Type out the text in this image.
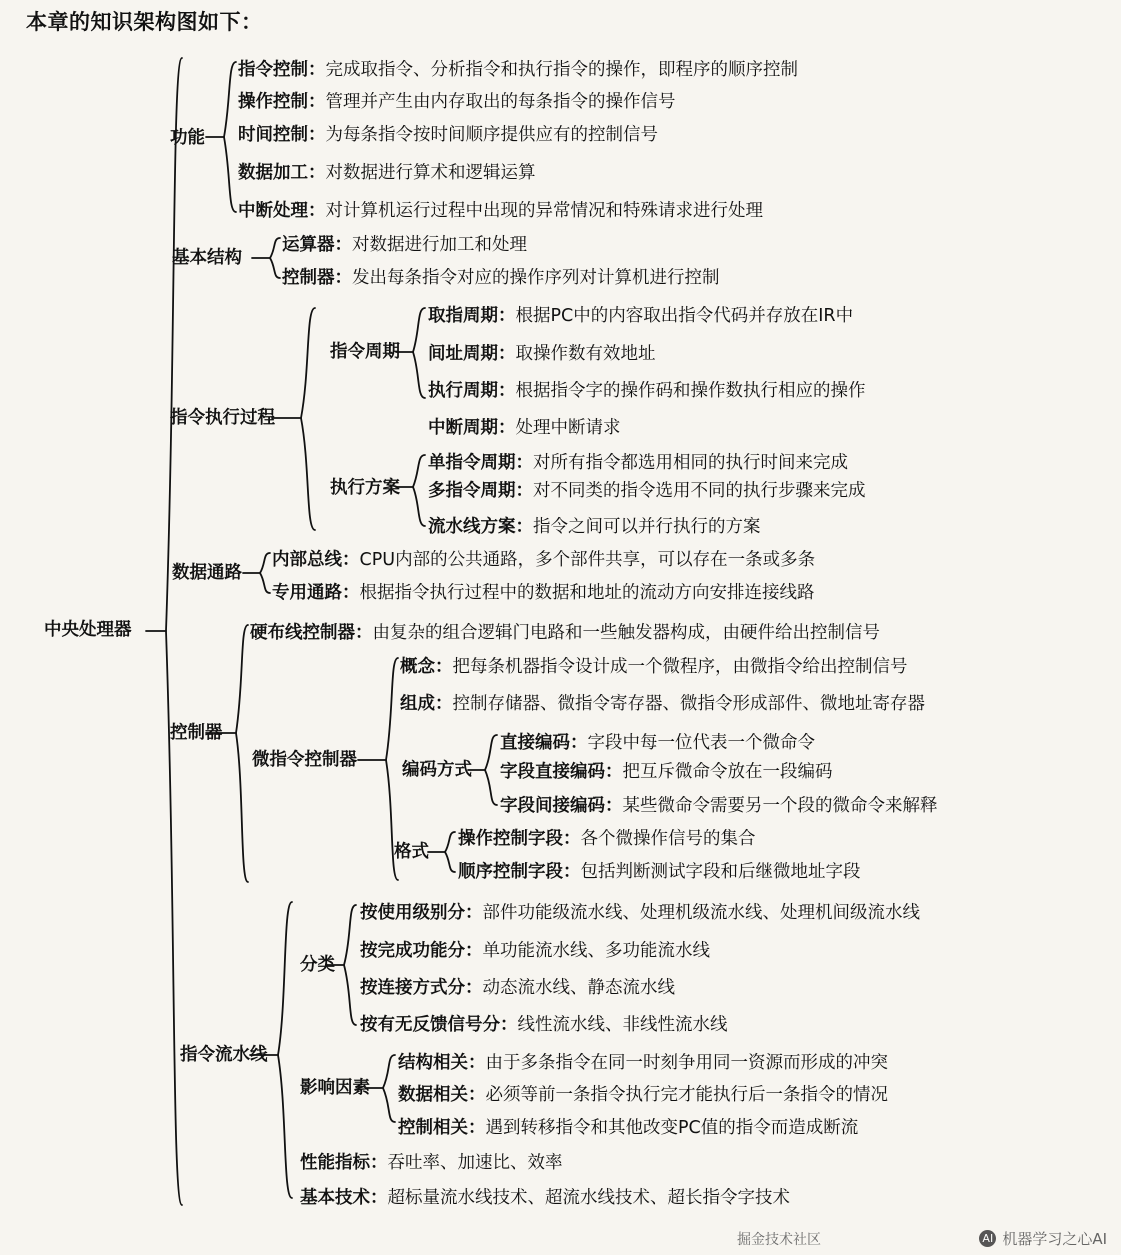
本章的知识架构图如下：
中央处理器
功能
指令控制：完成取指令、分析指令和执行指令的操作，即程序的顺序控制
操作控制：管理并产生由内存取出的每条指令的操作信号
时间控制：为每条指令按时间顺序提供应有的控制信号
数据加工：对数据进行算术和逻辑运算
中断处理：对计算机运行过程中出现的异常情况和特殊请求进行处理
基本结构
运算器：对数据进行加工和处理
控制器：发出每条指令对应的操作序列对计算机进行控制
指令执行过程
指令周期
取指周期：根据PC中的内容取出指令代码并存放在IR中
间址周期：取操作数有效地址
执行周期：根据指令字的操作码和操作数执行相应的操作
中断周期：处理中断请求
执行方案
单指令周期：对所有指令都选用相同的执行时间来完成
多指令周期：对不同类的指令选用不同的执行步骤来完成
流水线方案：指令之间可以并行执行的方案
数据通路
内部总线：CPU内部的公共通路，多个部件共享，可以存在一条或多条
专用通路：根据指令执行过程中的数据和地址的流动方向安排连接线路
控制器
硬布线控制器：由复杂的组合逻辑门电路和一些触发器构成，由硬件给出控制信号
微指令控制器
概念：把每条机器指令设计成一个微程序，由微指令给出控制信号
组成：控制存储器、微指令寄存器、微指令形成部件、微地址寄存器
编码方式
直接编码：字段中每一位代表一个微命令
字段直接编码：把互斥微命令放在一段编码
字段间接编码：某些微命令需要另一个段的微命令来解释
格式
操作控制字段：各个微操作信号的集合
顺序控制字段：包括判断测试字段和后继微地址字段
指令流水线
分类
按使用级别分：部件功能级流水线、处理机级流水线、处理机间级流水线
按完成功能分：单功能流水线、多功能流水线
按连接方式分：动态流水线、静态流水线
按有无反馈信号分：线性流水线、非线性流水线
影响因素
结构相关：由于多条指令在同一时刻争用同一资源而形成的冲突
数据相关：必须等前一条指令执行完才能执行后一条指令的情况
控制相关：遇到转移指令和其他改变PC值的指令而造成断流
性能指标：吞吐率、加速比、效率
基本技术：超标量流水线技术、超流水线技术、超长指令字技术
掘金技术社区	AI 机器学习之心AI
